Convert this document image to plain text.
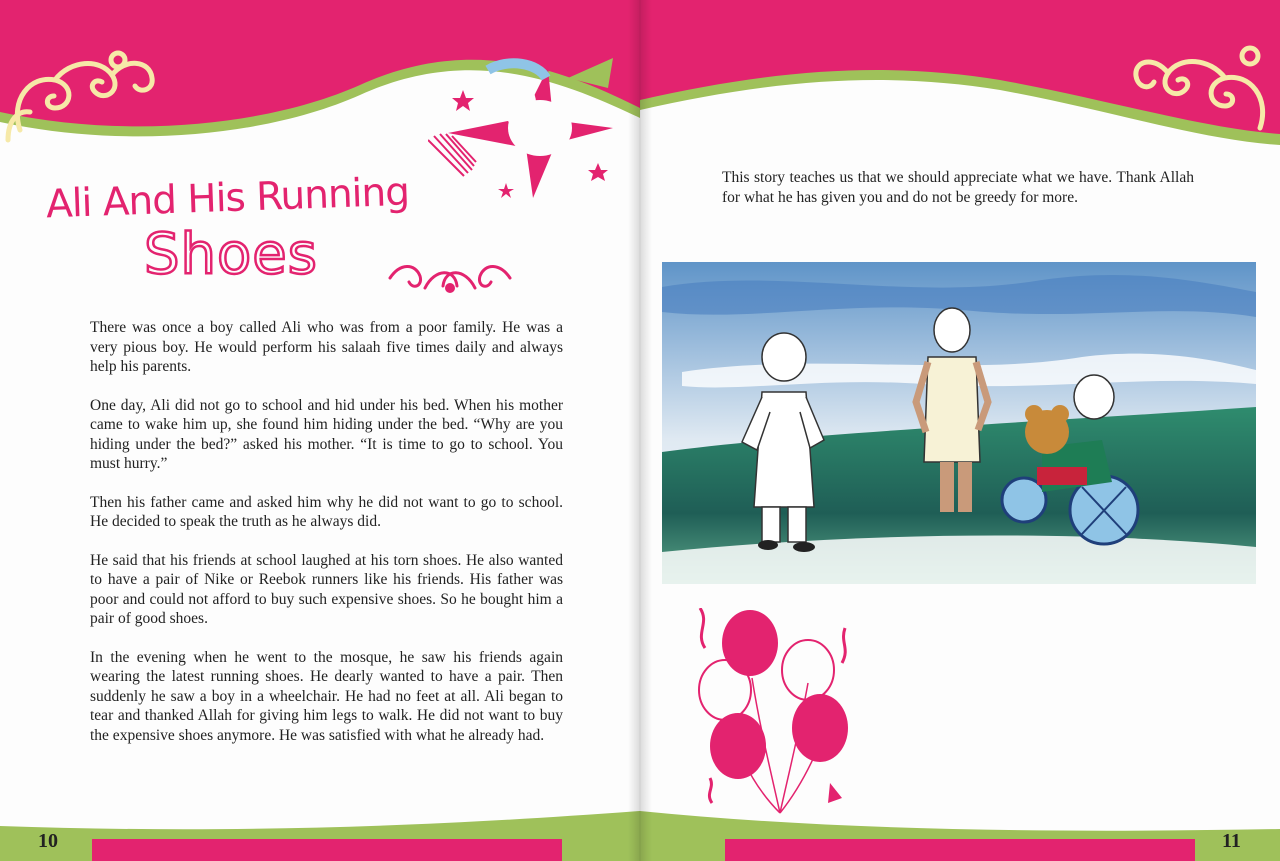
Ali And His Running
Shoes

There was once a boy called Ali who was from a poor family. He was a very pious boy. He would perform his salaah five times daily and always help his parents.

One day, Ali did not go to school and hid under his bed. When his mother came to wake him up, she found him hiding under the bed. “Why are you hiding under the bed?” asked his mother. “It is time to go to school. You must hurry.”

Then his father came and asked him why he did not want to go to school. He decided to speak the truth as he always did.

He said that his friends at school laughed at his torn shoes. He also wanted to have a pair of Nike or Reebok runners like his friends. His father was poor and could not afford to buy such expensive shoes. So he bought him a pair of good shoes.

In the evening when he went to the mosque, he saw his friends again wearing the latest running shoes. He dearly wanted to have a pair. Then suddenly he saw a boy in a wheelchair. He had no feet at all. Ali began to tear and thanked Allah for giving him legs to walk. He did not want to buy the expensive shoes anymore. He was satisfied with what he already had.

10

This story teaches us that we should appreciate what we have. Thank Allah for what he has given you and do not be greedy for more.

11
